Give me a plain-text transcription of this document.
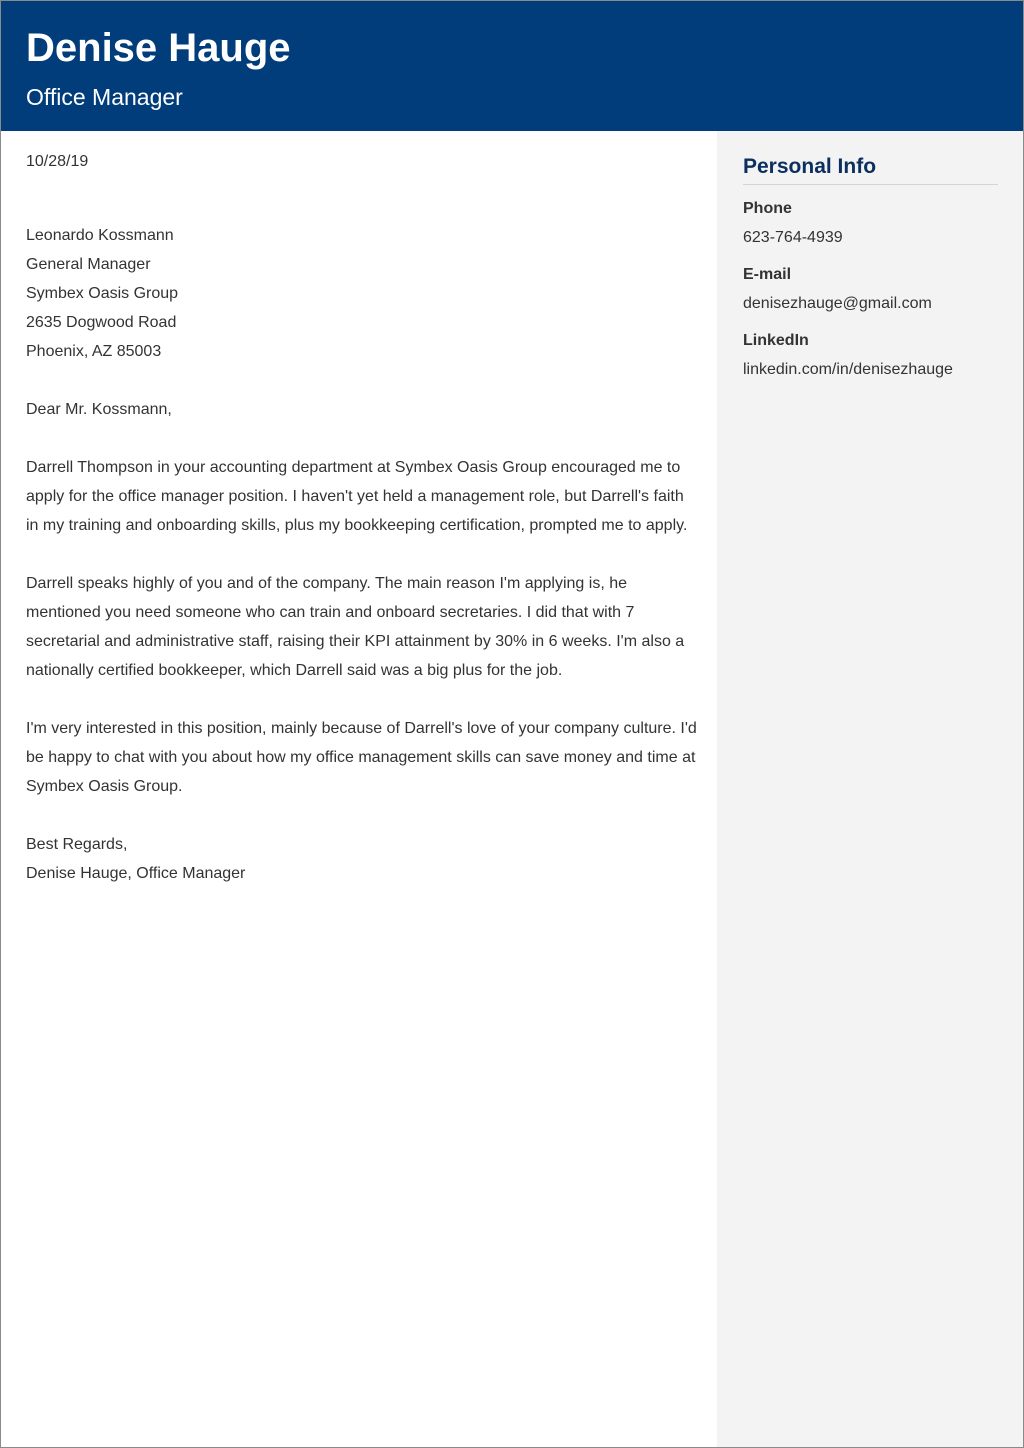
Denise Hauge
Office Manager

10/28/19

Leonardo Kossmann

General Manager

Symbex Oasis Group

2635 Dogwood Road

Phoenix, AZ 85003

Dear Mr. Kossmann,

Darrell Thompson in your accounting department at Symbex Oasis Group encouraged me to apply for the office manager position. I haven't yet held a management role, but Darrell's faith in my training and onboarding skills, plus my bookkeeping certification, prompted me to apply.

Darrell speaks highly of you and of the company. The main reason I'm applying is, he mentioned you need someone who can train and onboard secretaries. I did that with 7 secretarial and administrative staff, raising their KPI attainment by 30% in 6 weeks. I'm also a nationally certified bookkeeper, which Darrell said was a big plus for the job.

I'm very interested in this position, mainly because of Darrell's love of your company culture. I'd be happy to chat with you about how my office management skills can save money and time at Symbex Oasis Group.

Best Regards,

Denise Hauge, Office Manager

Personal Info
Phone
623-764-4939
E-mail
denisezhauge@gmail.com
LinkedIn
linkedin.com/in/denisezhauge
